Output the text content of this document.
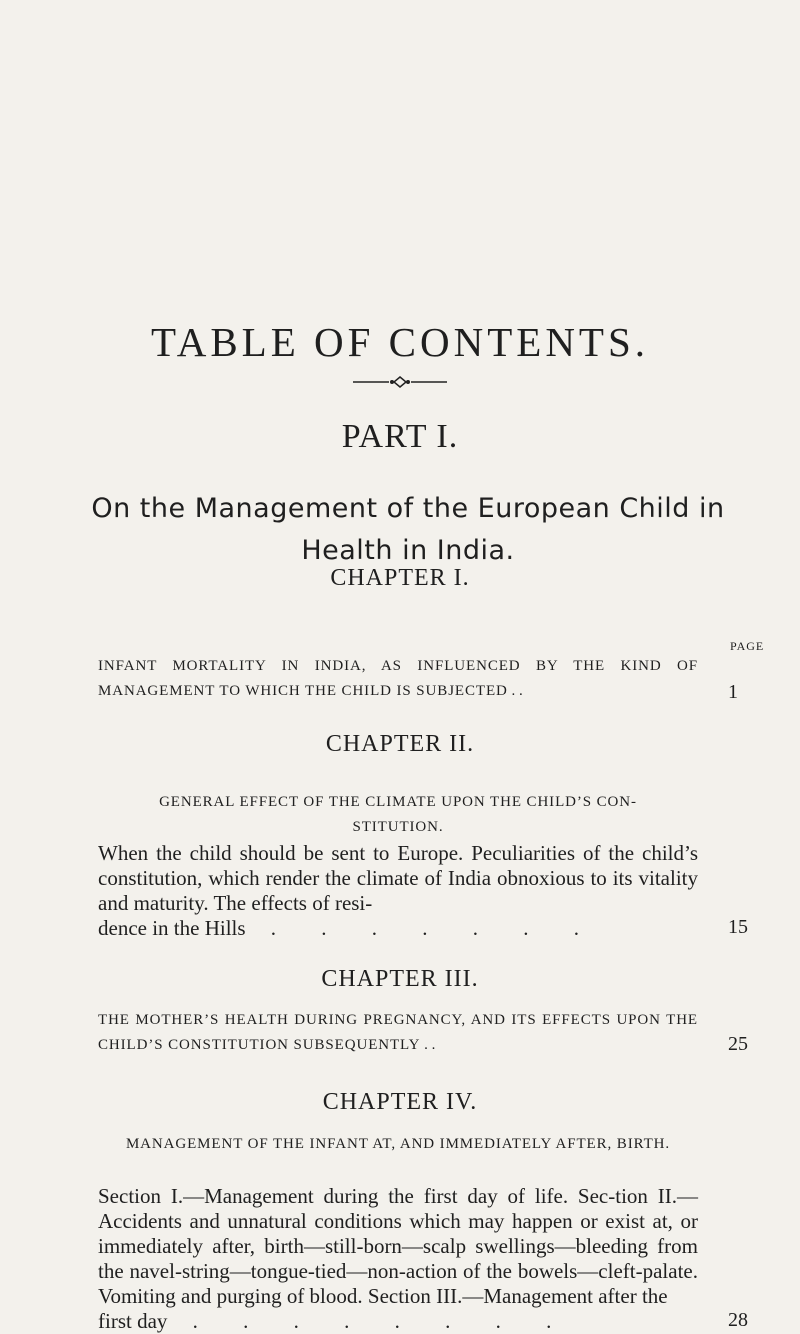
TABLE OF CONTENTS.
PART I.
On the Management of the European Child in Health in India.
CHAPTER I.
PAGE
INFANT MORTALITY IN INDIA, AS INFLUENCED BY THE KIND OF MANAGEMENT TO WHICH THE CHILD IS SUBJECTED . .	1
CHAPTER II.
GENERAL EFFECT OF THE CLIMATE UPON THE CHILD’S CON-STITUTION.
When the child should be sent to Europe. Peculiarities of the child’s constitution, which render the climate of India obnoxious to its vitality and maturity. The effects of resi-
dence in the Hills . . . . . . .	15
CHAPTER III.
THE MOTHER’S HEALTH DURING PREGNANCY, AND ITS EFFECTS UPON THE CHILD’S CONSTITUTION SUBSEQUENTLY . .	25
CHAPTER IV.
MANAGEMENT OF THE INFANT AT, AND IMMEDIATELY AFTER, BIRTH.
Section I.—Management during the first day of life. Sec-tion II.—Accidents and unnatural conditions which may happen or exist at, or immediately after, birth—still-born—scalp swellings—bleeding from the navel-string—tongue-tied—non-action of the bowels—cleft-palate. Vomiting and purging of blood. Section III.—Management after the
first day . . . . . . . .	28
